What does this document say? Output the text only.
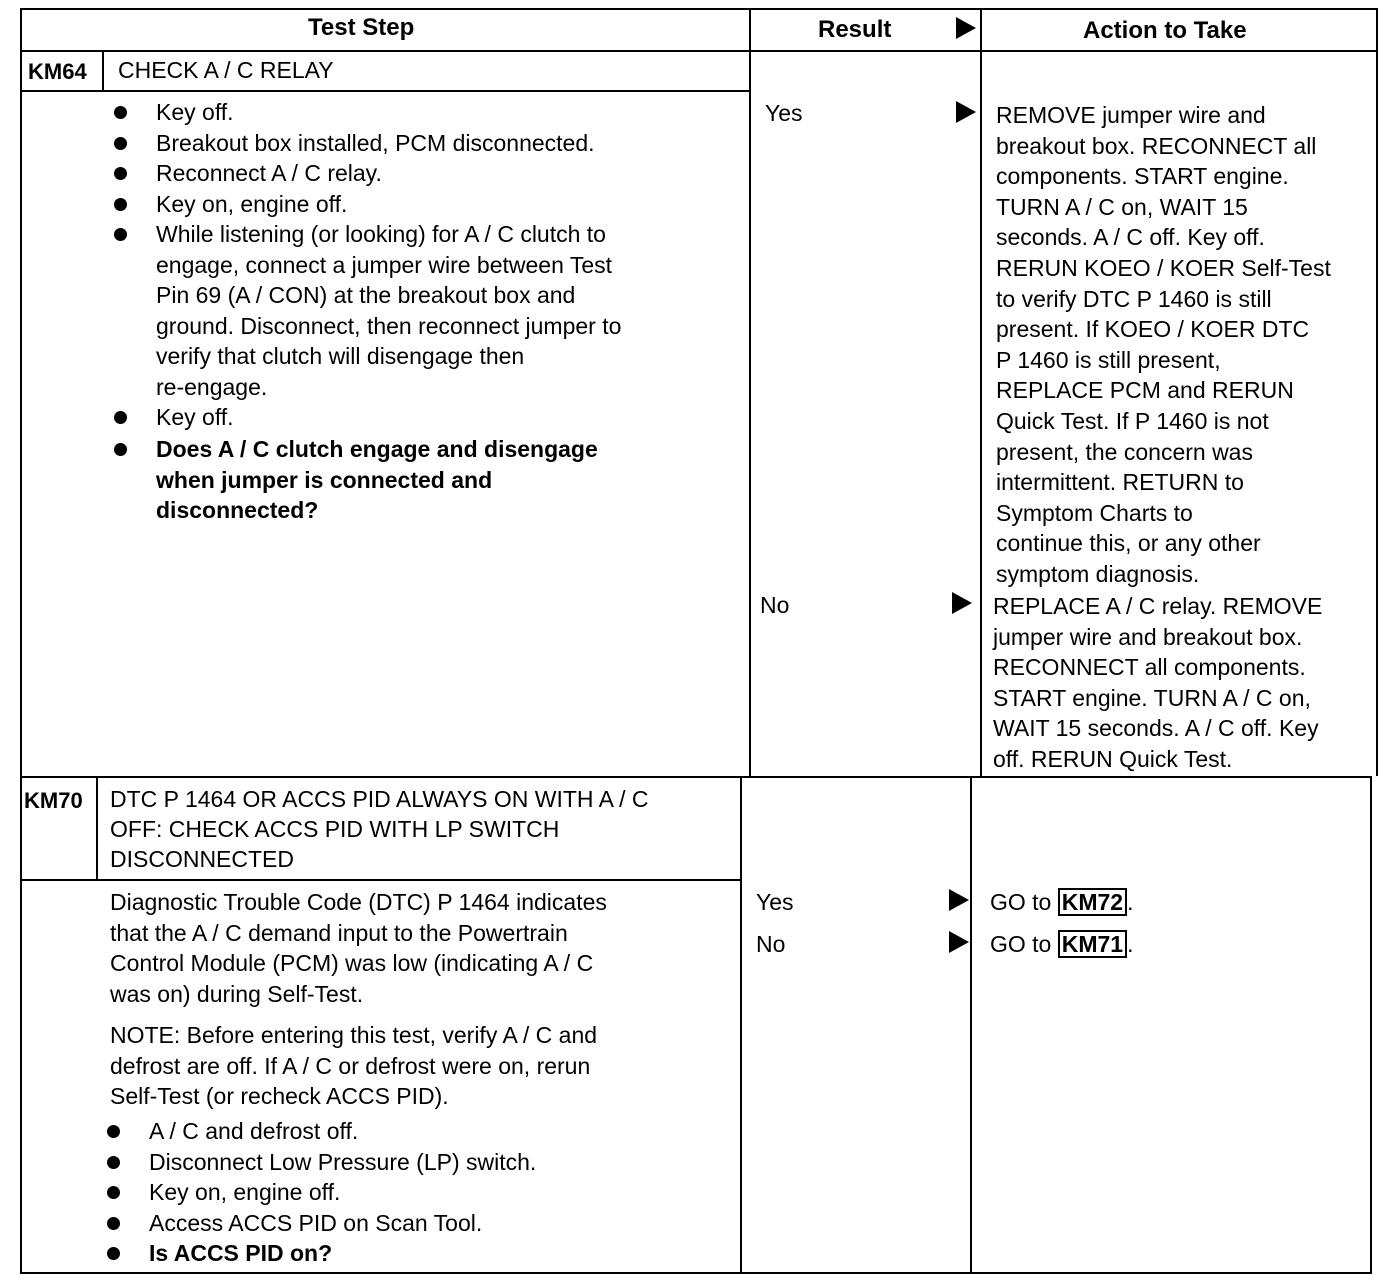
Test Step	Result	Action to Take
KM64 CHECK A / C RELAY
Key off.
Breakout box installed, PCM disconnected.
Reconnect A / C relay.
Key on, engine off.
While listening (or looking) for A / C clutch to
engage, connect a jumper wire between Test
Pin 69 (A / CON) at the breakout box and
ground. Disconnect, then reconnect jumper to
verify that clutch will disengage then
re-engage.
Key off.
Does A / C clutch engage and disengage
when jumper is connected and
disconnected?
Yes
No
REMOVE jumper wire and
breakout box. RECONNECT all
components. START engine.
TURN A / C on, WAIT 15
seconds. A / C off. Key off.
RERUN KOEO / KOER Self-Test
to verify DTC P 1460 is still
present. If KOEO / KOER DTC
P 1460 is still present,
REPLACE PCM and RERUN
Quick Test. If P 1460 is not
present, the concern was
intermittent. RETURN to
Symptom Charts to
continue this, or any other
symptom diagnosis.
REPLACE A / C relay. REMOVE
jumper wire and breakout box.
RECONNECT all components.
START engine. TURN A / C on,
WAIT 15 seconds. A / C off. Key
off. RERUN Quick Test.
KM70 DTC P 1464 OR ACCS PID ALWAYS ON WITH A / C
OFF: CHECK ACCS PID WITH LP SWITCH
DISCONNECTED
Diagnostic Trouble Code (DTC) P 1464 indicates
that the A / C demand input to the Powertrain
Control Module (PCM) was low (indicating A / C
was on) during Self-Test.
NOTE: Before entering this test, verify A / C and
defrost are off. If A / C or defrost were on, rerun
Self-Test (or recheck ACCS PID).
A / C and defrost off.
Disconnect Low Pressure (LP) switch.
Key on, engine off.
Access ACCS PID on Scan Tool.
Is ACCS PID on?
Yes
No
GO to KM72 .
GO to KM71 .
